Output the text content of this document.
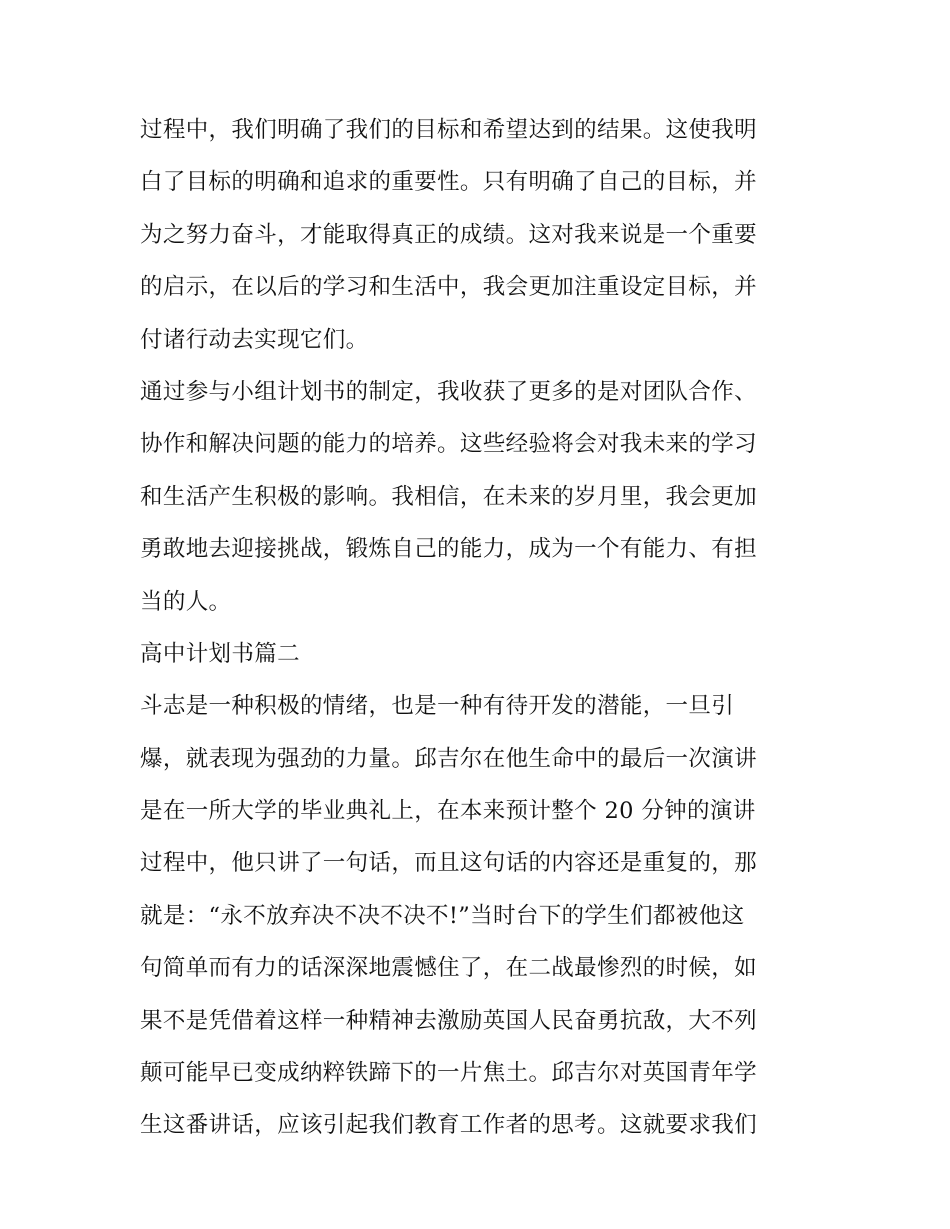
过程中，我们明确了我们的目标和希望达到的结果。这使我明
白了目标的明确和追求的重要性。只有明确了自己的目标，并
为之努力奋斗，才能取得真正的成绩。这对我来说是一个重要
的启示，在以后的学习和生活中，我会更加注重设定目标，并
付诸行动去实现它们。
通过参与小组计划书的制定，我收获了更多的是对团队合作、
协作和解决问题的能力的培养。这些经验将会对我未来的学习
和生活产生积极的影响。我相信，在未来的岁月里，我会更加
勇敢地去迎接挑战，锻炼自己的能力，成为一个有能力、有担
当的人。
高中计划书篇二
斗志是一种积极的情绪，也是一种有待开发的潜能，一旦引
爆，就表现为强劲的力量。邱吉尔在他生命中的最后一次演讲
是在一所大学的毕业典礼上，在本来预计整个 20 分钟的演讲
过程中，他只讲了一句话，而且这句话的内容还是重复的，那
就是：“永不放弃决不决不决不!”当时台下的学生们都被他这
句简单而有力的话深深地震憾住了，在二战最惨烈的时候，如
果不是凭借着这样一种精神去激励英国人民奋勇抗敌，大不列
颠可能早已变成纳粹铁蹄下的一片焦土。邱吉尔对英国青年学
生这番讲话，应该引起我们教育工作者的思考。这就要求我们
